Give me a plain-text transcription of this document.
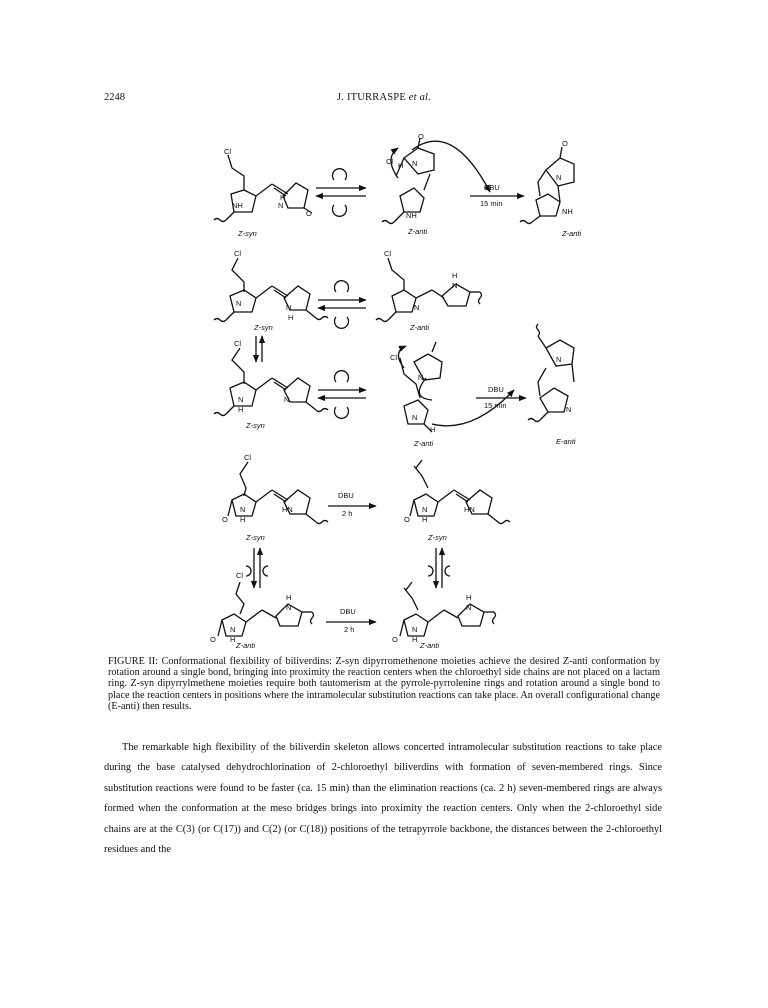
2248	J. ITURRASPE et al.
Cl
NH	N
H
O
Z-syn
O
Cl H N
NH
Z-anti
DBU
15 min
O
N
NH
Z-anti
Cl
N	N
H
Z-syn
Cl
N
H
N
Z-anti
Cl
N
H
N
Z-syn
Cl
N
N
H
Z-anti
DBU
15 min
N
N
E-anti
Cl
O
N
H
HN
Z-syn
DBU
2 h
O
N
H
HN
Z-syn
Cl
O
N
H
H
N
Z-anti
DBU
2 h
O
N
H
H
N
Z-anti
FIGURE II: Conformational flexibility of biliverdins: Z-syn dipyrromethenone moieties achieve the desired Z-anti conformation by rotation around a single bond, bringing into proximity the reaction centers when the chloroethyl side chains are not placed on a lactam ring. Z-syn dipyrrylmethene moieties require both tautomerism at the pyrrole-pyrrolenine rings and rotation around a single bond to place the reaction centers in positions where the intramolecular substitution reactions can take place. An overall configurational change (E-anti) then results.

The remarkable high flexibility of the biliverdin skeleton allows concerted intramolecular substitution reactions to take place during the base catalysed dehydrochlorination of 2-chloroethyl biliverdins with formation of seven-membered rings. Since substitution reactions were found to be faster (ca. 15 min) than the elimination reactions (ca. 2 h) seven-membered rings are always formed when the conformation at the meso bridges brings into proximity the reaction centers. Only when the 2-chloroethyl side chains are at the C(3) (or C(17)) and C(2) (or C(18)) positions of the tetrapyrrole backbone, the distances between the 2-chloroethyl residues and the
